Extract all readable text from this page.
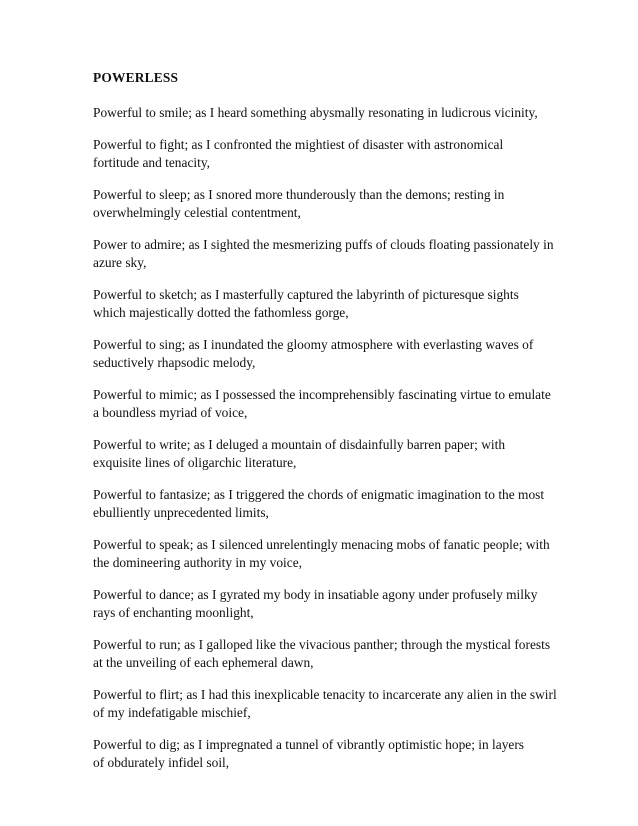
POWERLESS
Powerful to smile; as I heard something abysmally resonating in ludicrous vicinity,
Powerful to fight; as I confronted the mightiest of disaster with astronomical
fortitude and tenacity,
Powerful to sleep; as I snored more thunderously than the demons; resting in
overwhelmingly celestial contentment,
Power to admire; as I sighted the mesmerizing puffs of clouds floating passionately in
azure sky,
Powerful to sketch; as I masterfully captured the labyrinth of picturesque sights
which majestically dotted the fathomless gorge,
Powerful to sing; as I inundated the gloomy atmosphere with everlasting waves of
seductively rhapsodic melody,
Powerful to mimic; as I possessed the incomprehensibly fascinating virtue to emulate
a boundless myriad of voice,
Powerful to write; as I deluged a mountain of disdainfully barren paper; with
exquisite lines of oligarchic literature,
Powerful to fantasize; as I triggered the chords of enigmatic imagination to the most
ebulliently unprecedented limits,
Powerful to speak; as I silenced unrelentingly menacing mobs of fanatic people; with
the domineering authority in my voice,
Powerful to dance; as I gyrated my body in insatiable agony under profusely milky
rays of enchanting moonlight,
Powerful to run; as I galloped like the vivacious panther; through the mystical forests
at the unveiling of each ephemeral dawn,
Powerful to flirt; as I had this inexplicable tenacity to incarcerate any alien in the swirl
of my indefatigable mischief,
Powerful to dig; as I impregnated a tunnel of vibrantly optimistic hope; in layers
of obdurately infidel soil,
